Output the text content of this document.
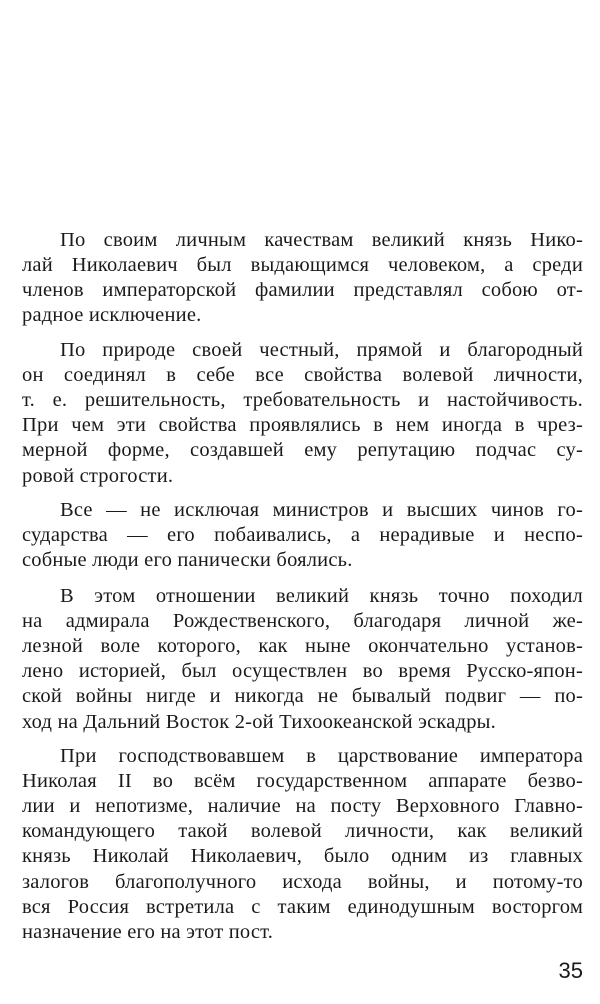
По своим личным качествам великий князь Нико-
лай Николаевич был выдающимся человеком, а среди
членов императорской фамилии представлял собою от-
радное исключение.
По природе своей честный, прямой и благородный
он соединял в себе все свойства волевой личности,
т. е. решительность, требовательность и настойчивость.
При чем эти свойства проявлялись в нем иногда в чрез-
мерной форме, создавшей ему репутацию подчас су-
ровой строгости.
Все — не исключая министров и высших чинов го-
сударства — его побаивались, а нерадивые и неспо-
собные люди его панически боялись.
В этом отношении великий князь точно походил
на адмирала Рождественского, благодаря личной же-
лезной воле которого, как ныне окончательно установ-
лено историей, был осуществлен во время Русско-япон-
ской войны нигде и никогда не бывалый подвиг — по-
ход на Дальний Восток 2-ой Тихоокеанской эскадры.
При господствовавшем в царствование императора
Николая II во всём государственном аппарате безво-
лии и непотизме, наличие на посту Верховного Главно-
командующего такой волевой личности, как великий
князь Николай Николаевич, было одним из главных
залогов благополучного исхода войны, и потому-то
вся Россия встретила с таким единодушным восторгом
назначение его на этот пост.
35
